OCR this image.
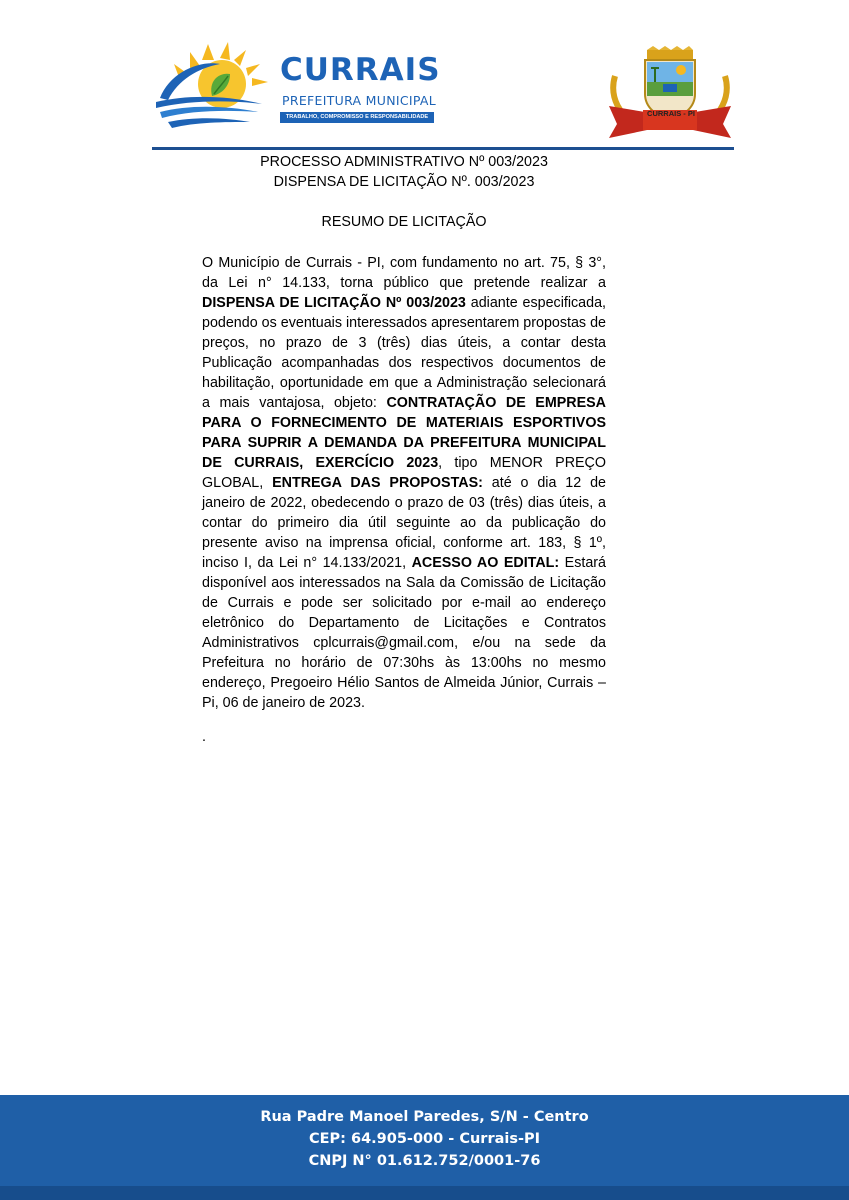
CURRAIS
PREFEITURA MUNICIPAL
TRABALHO, COMPROMISSO E RESPONSABILIDADE	CURRAIS - PI

PROCESSO ADMINISTRATIVO Nº 003/2023

DISPENSA DE LICITAÇÃO Nº. 003/2023

RESUMO DE LICITAÇÃO

O Município de Currais - PI, com fundamento no art. 75, § 3°, da Lei n° 14.133, torna público que pretende realizar a DISPENSA DE LICITAÇÃO Nº 003/2023 adiante especificada, podendo os eventuais interessados apresentarem propostas de preços, no prazo de 3 (três) dias úteis, a contar desta Publicação acompanhadas dos respectivos documentos de habilitação, oportunidade em que a Administração selecionará a mais vantajosa, objeto: CONTRATAÇÃO DE EMPRESA PARA O FORNECIMENTO DE MATERIAIS ESPORTIVOS PARA SUPRIR A DEMANDA DA PREFEITURA MUNICIPAL DE CURRAIS, EXERCÍCIO 2023, tipo MENOR PREÇO GLOBAL, ENTREGA DAS PROPOSTAS: até o dia 12 de janeiro de 2022, obedecendo o prazo de 03 (três) dias úteis, a contar do primeiro dia útil seguinte ao da publicação do presente aviso na imprensa oficial, conforme art. 183, § 1º, inciso I, da Lei n° 14.133/2021, ACESSO AO EDITAL: Estará disponível aos interessados na Sala da Comissão de Licitação de Currais e pode ser solicitado por e-mail ao endereço eletrônico do Departamento de Licitações e Contratos Administrativos cplcurrais@gmail.com, e/ou na sede da Prefeitura no horário de 07:30hs às 13:00hs no mesmo endereço, Pregoeiro Hélio Santos de Almeida Júnior, Currais – Pi, 06 de janeiro de 2023.

.

Rua Padre Manoel Paredes, S/N - Centro
CEP: 64.905-000 - Currais-PI
CNPJ N° 01.612.752/0001-76
